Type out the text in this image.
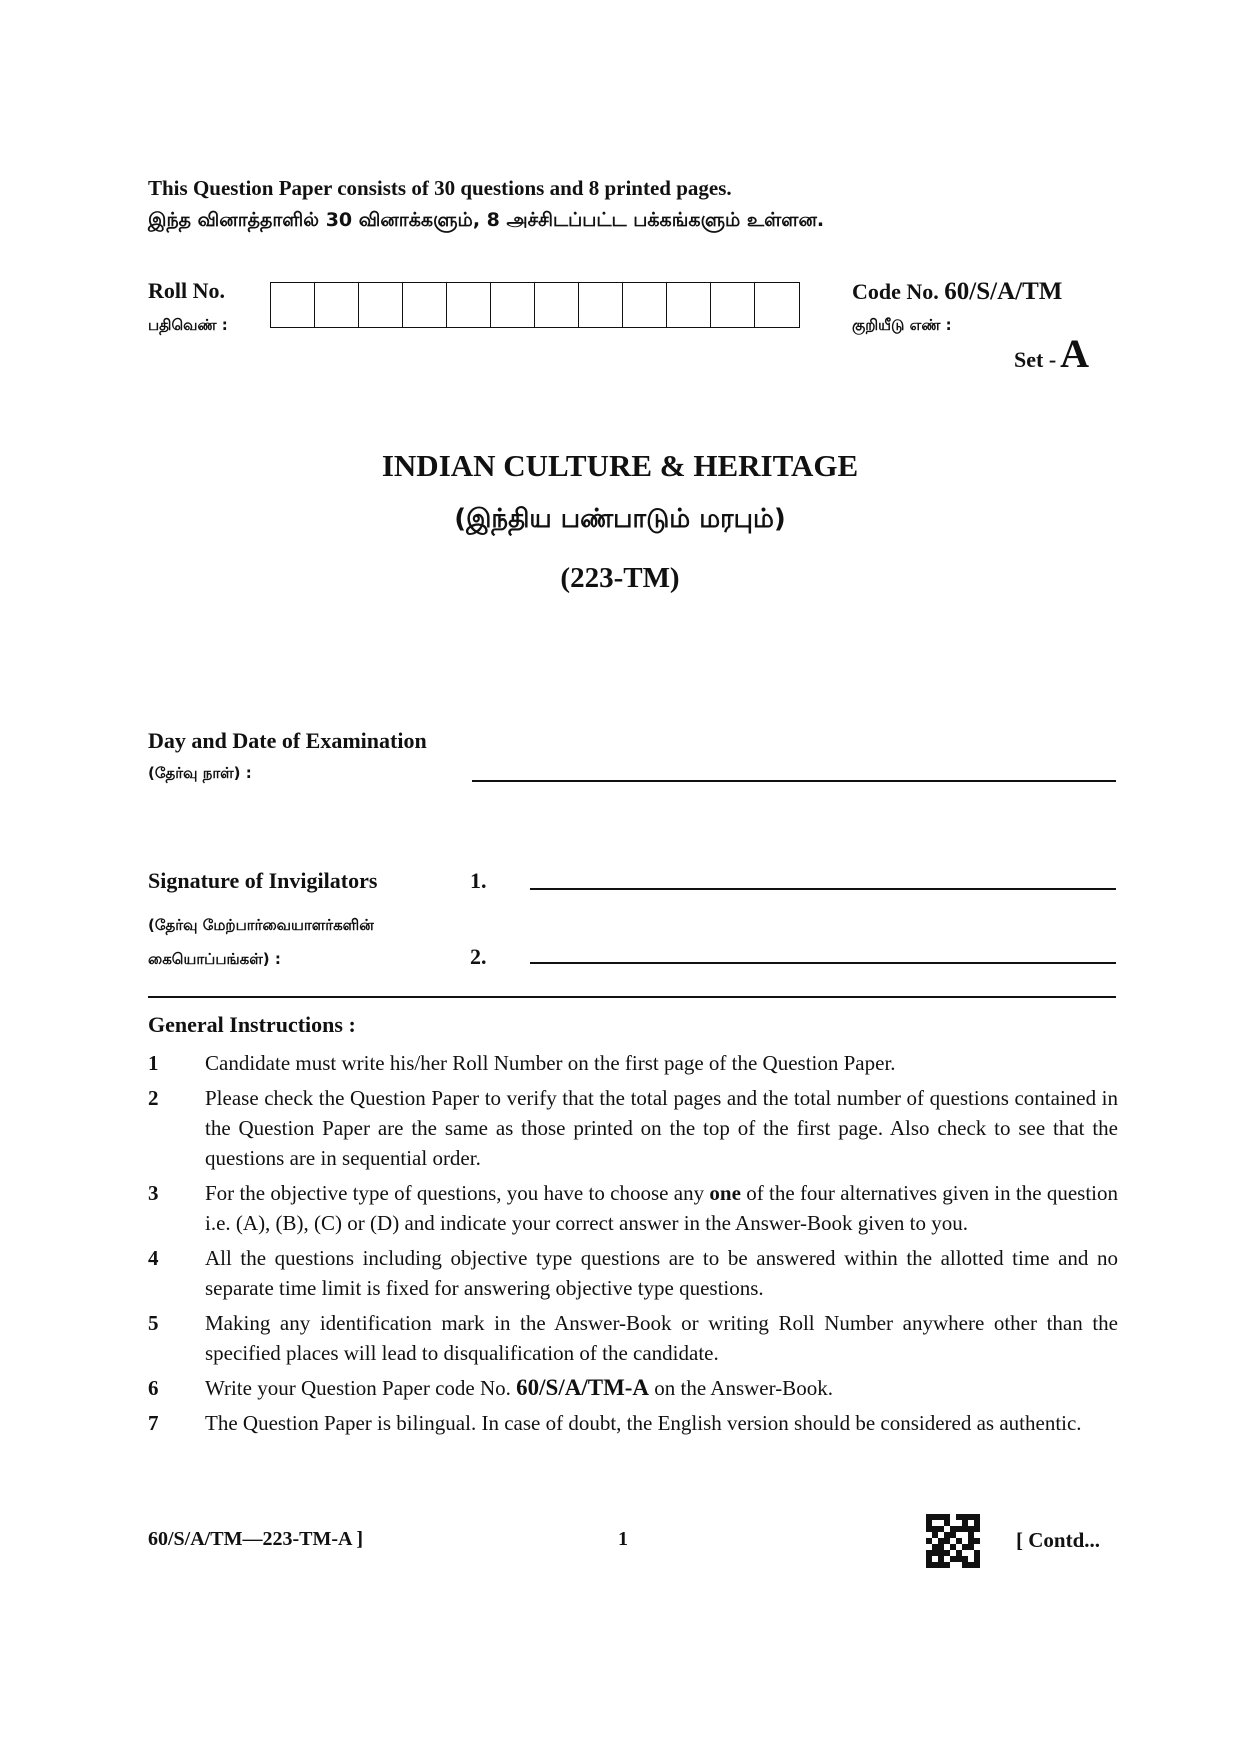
This Question Paper consists of 30 questions and 8 printed pages.
இந்த வினாத்தாளில் 30 வினாக்களும், 8 அச்சிடப்பட்ட பக்கங்களும் உள்ளன.
Roll No.
பதிவெண் :
Code No. 60/S/A/TM
குறியீடு எண் :
Set - A
INDIAN CULTURE & HERITAGE
(இந்திய பண்பாடும் மரபும்)
(223-TM)
Day and Date of Examination
(தேர்வு நாள்) :
Signature of Invigilators	1.
(தேர்வு மேற்பார்வையாளர்களின்
கையொப்பங்கள்) :	2.
General Instructions :
1	Candidate must write his/her Roll Number on the first page of the Question Paper.
2	Please check the Question Paper to verify that the total pages and the total number of questions contained in the Question Paper are the same as those printed on the top of the first page. Also check to see that the questions are in sequential order.
3	For the objective type of questions, you have to choose any one of the four alternatives given in the question i.e. (A), (B), (C) or (D) and indicate your correct answer in the Answer-Book given to you.
4	All the questions including objective type questions are to be answered within the allotted time and no separate time limit is fixed for answering objective type questions.
5	Making any identification mark in the Answer-Book or writing Roll Number anywhere other than the specified places will lead to disqualification of the candidate.
6	Write your Question Paper code No. 60/S/A/TM-A on the Answer-Book.
7	The Question Paper is bilingual. In case of doubt, the English version should be considered as authentic.
60/S/A/TM—223-TM-A ]	1	[ Contd...
